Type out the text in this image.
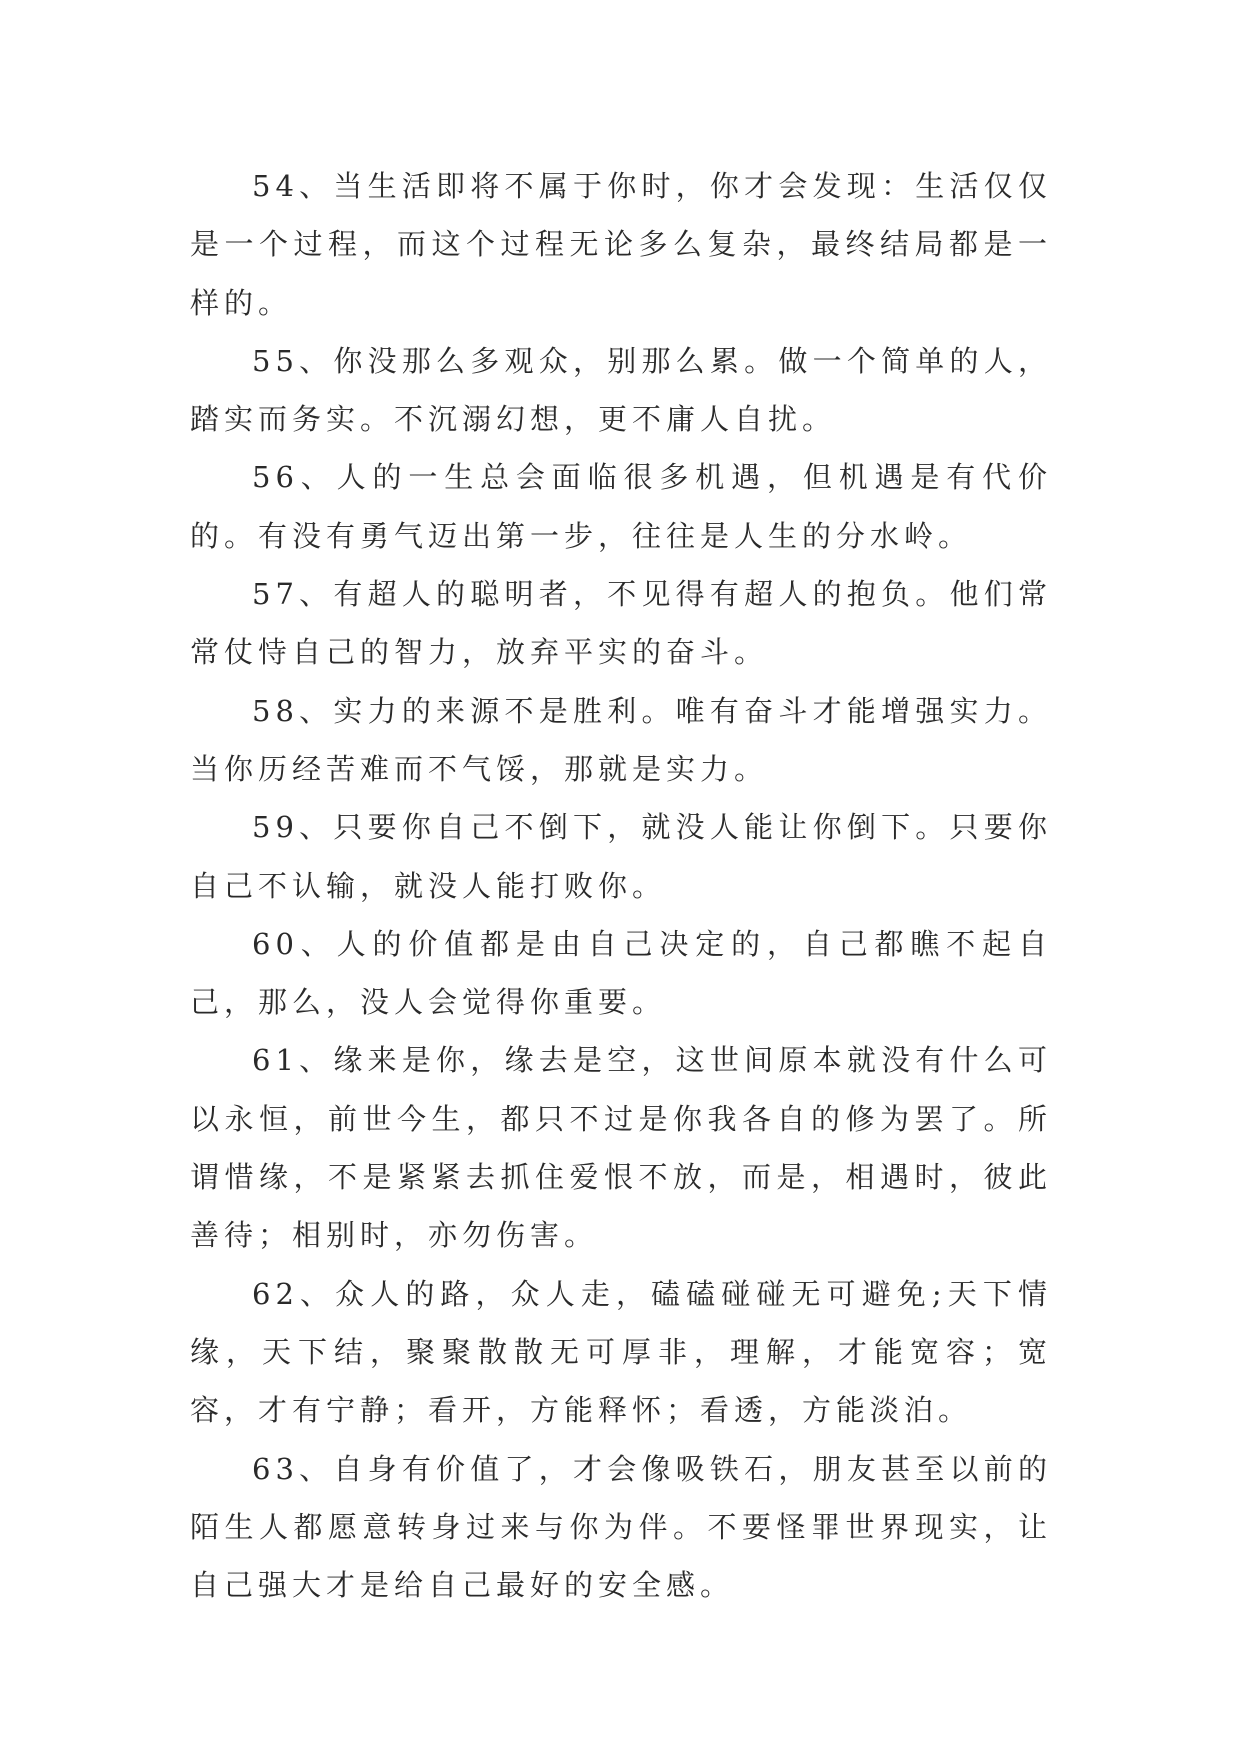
54、当生活即将不属于你时，你才会发现：生活仅仅是一个过程，而这个过程无论多么复杂，最终结局都是一样的。

55、你没那么多观众，别那么累。做一个简单的人，踏实而务实。不沉溺幻想，更不庸人自扰。

56、人的一生总会面临很多机遇，但机遇是有代价的。有没有勇气迈出第一步，往往是人生的分水岭。

57、有超人的聪明者，不见得有超人的抱负。他们常常仗恃自己的智力，放弃平实的奋斗。

58、实力的来源不是胜利。唯有奋斗才能增强实力。当你历经苦难而不气馁，那就是实力。

59、只要你自己不倒下，就没人能让你倒下。只要你自己不认输，就没人能打败你。

60、人的价值都是由自己决定的，自己都瞧不起自己，那么，没人会觉得你重要。

61、缘来是你，缘去是空，这世间原本就没有什么可以永恒，前世今生，都只不过是你我各自的修为罢了。所谓惜缘，不是紧紧去抓住爱恨不放，而是，相遇时，彼此善待；相别时，亦勿伤害。

62、众人的路，众人走，磕磕碰碰无可避免;天下情缘，天下结，聚聚散散无可厚非，理解，才能宽容；宽容，才有宁静；看开，方能释怀；看透，方能淡泊。

63、自身有价值了，才会像吸铁石，朋友甚至以前的陌生人都愿意转身过来与你为伴。不要怪罪世界现实，让自己强大才是给自己最好的安全感。
